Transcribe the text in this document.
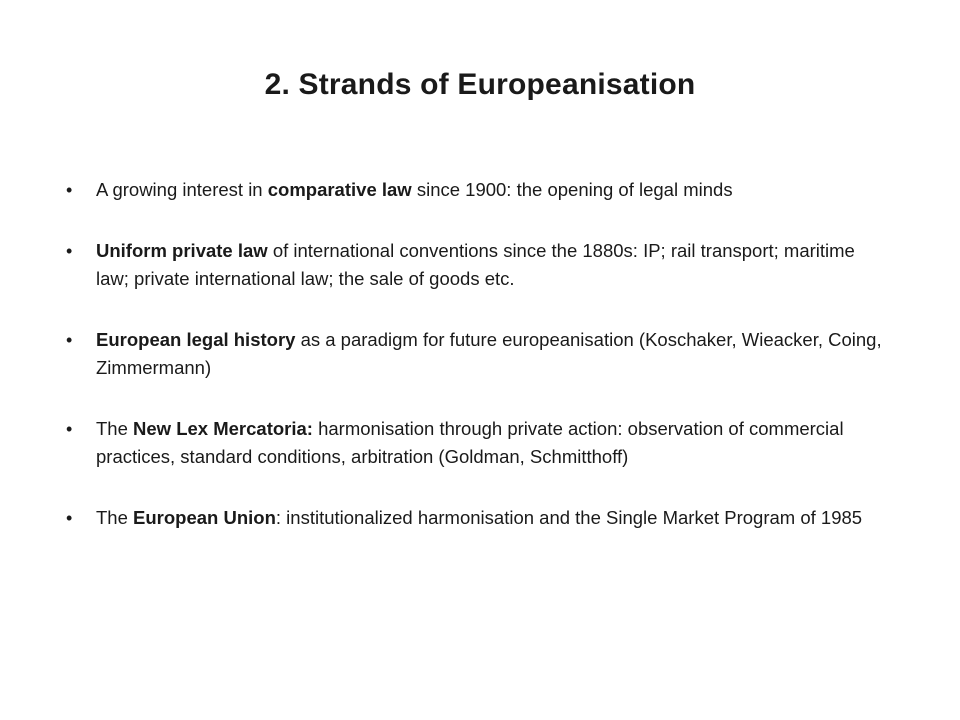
2. Strands of Europeanisation
• A growing interest in comparative law since 1900: the opening of legal minds
• Uniform private law of international conventions since the 1880s: IP; rail transport; maritime law; private international law; the sale of goods etc.
• European legal history as a paradigm for future europeanisation (Koschaker, Wieacker, Coing, Zimmermann)
• The New Lex Mercatoria: harmonisation through private action: observation of commercial practices, standard conditions, arbitration (Goldman, Schmitthoff)
• The European Union: institutionalized harmonisation and the Single Market Program of 1985
